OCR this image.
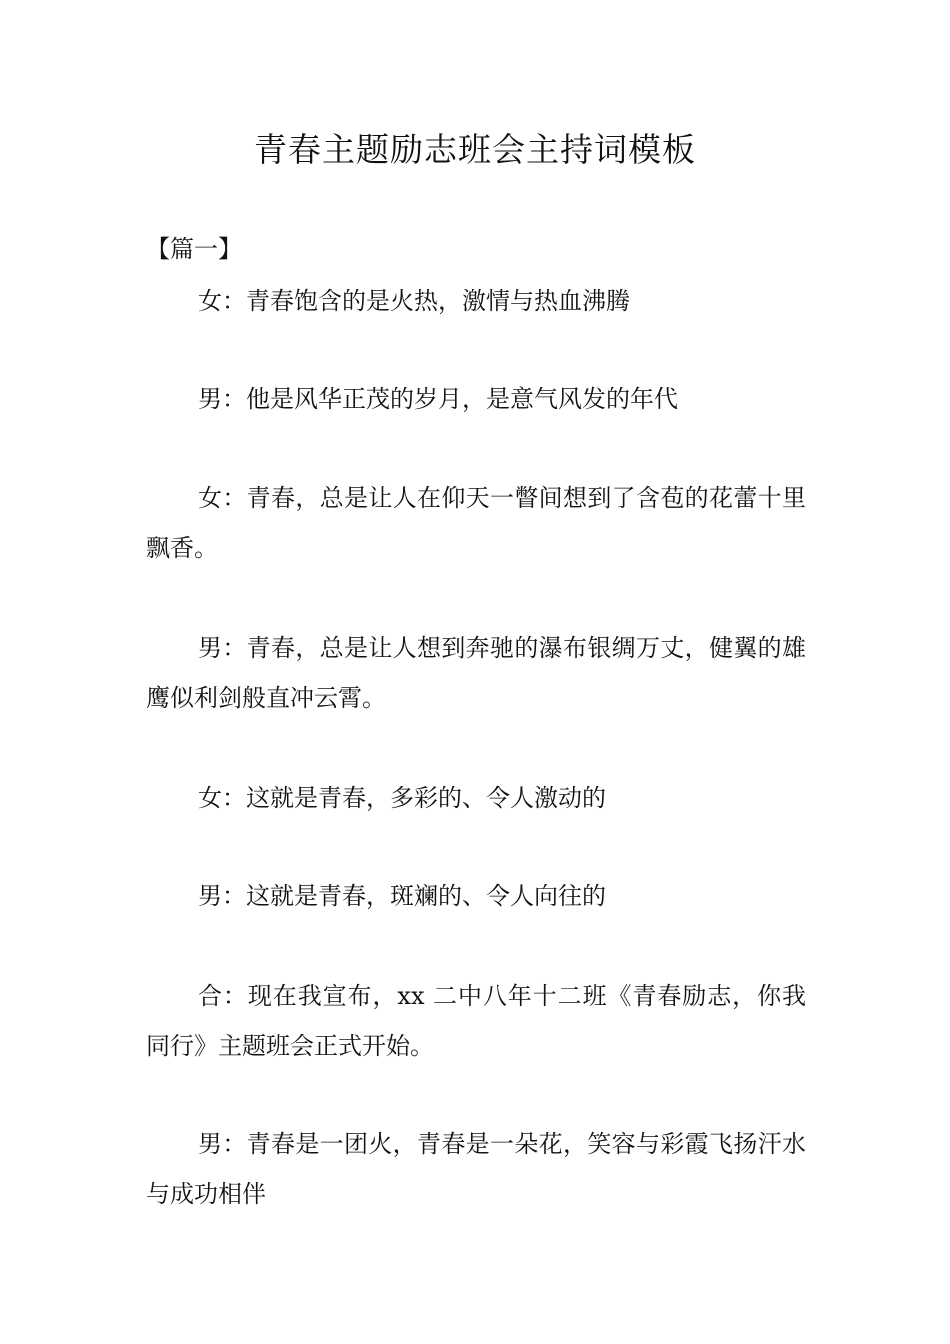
青春主题励志班会主持词模板

【篇一】

女：青春饱含的是火热，激情与热血沸腾

男：他是风华正茂的岁月，是意气风发的年代

女：青春，总是让人在仰天一瞥间想到了含苞的花蕾十里飘香。

男：青春，总是让人想到奔驰的瀑布银绸万丈，健翼的雄鹰似利剑般直冲云霄。

女：这就是青春，多彩的、令人激动的

男：这就是青春，斑斓的、令人向往的

合：现在我宣布，xx 二中八年十二班《青春励志，你我同行》主题班会正式开始。

男：青春是一团火，青春是一朵花，笑容与彩霞飞扬汗水与成功相伴
